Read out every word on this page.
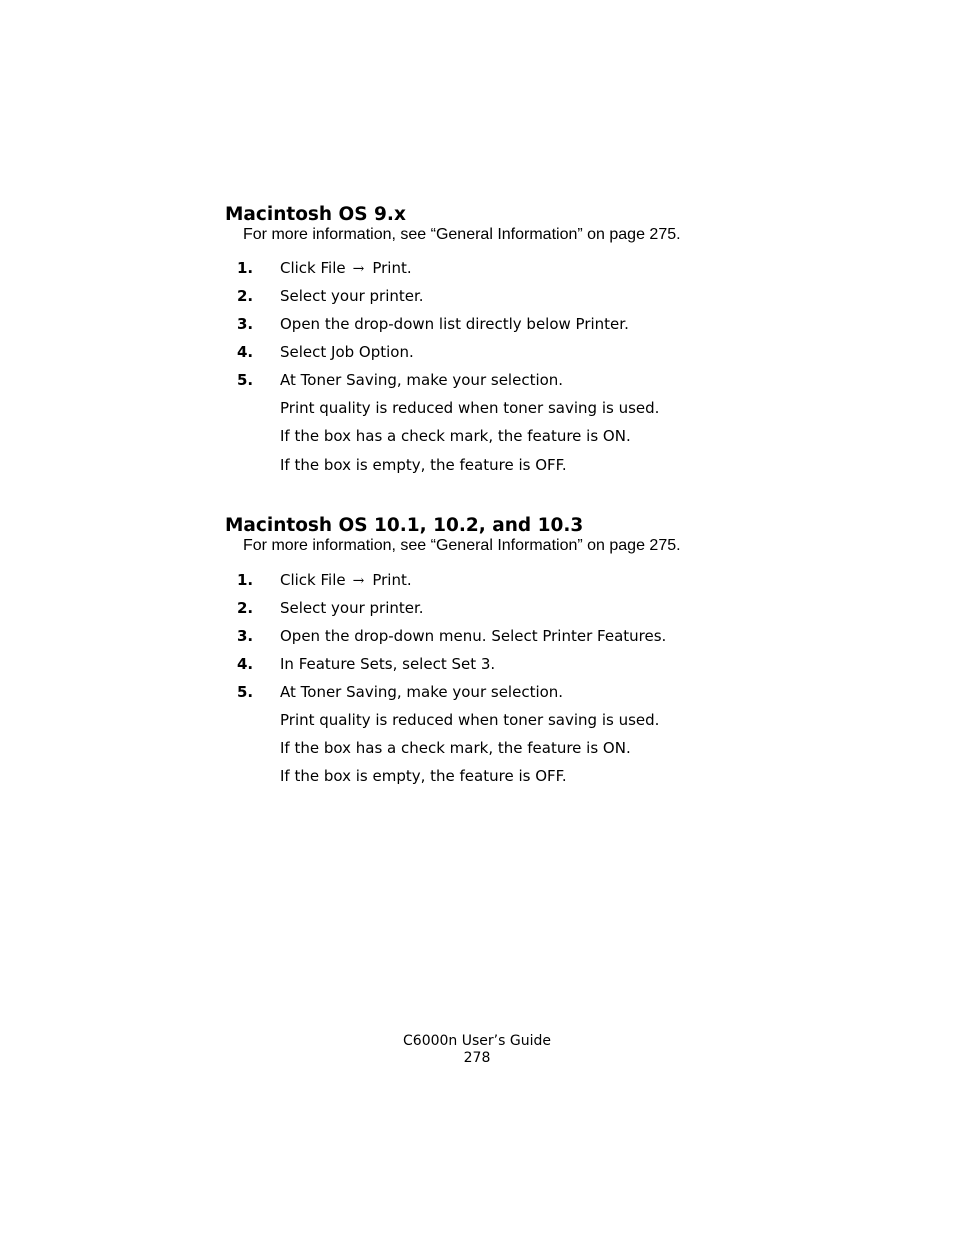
Macintosh OS 9.x
For more information, see “General Information” on page 275.
1. Click File → Print.
2. Select your printer.
3. Open the drop-down list directly below Printer.
4. Select Job Option.
5. At Toner Saving, make your selection.
Print quality is reduced when toner saving is used.
If the box has a check mark, the feature is ON.
If the box is empty, the feature is OFF.
Macintosh OS 10.1, 10.2, and 10.3
For more information, see “General Information” on page 275.
1. Click File → Print.
2. Select your printer.
3. Open the drop-down menu. Select Printer Features.
4. In Feature Sets, select Set 3.
5. At Toner Saving, make your selection.
Print quality is reduced when toner saving is used.
If the box has a check mark, the feature is ON.
If the box is empty, the feature is OFF.
C6000n User’s Guide
278
